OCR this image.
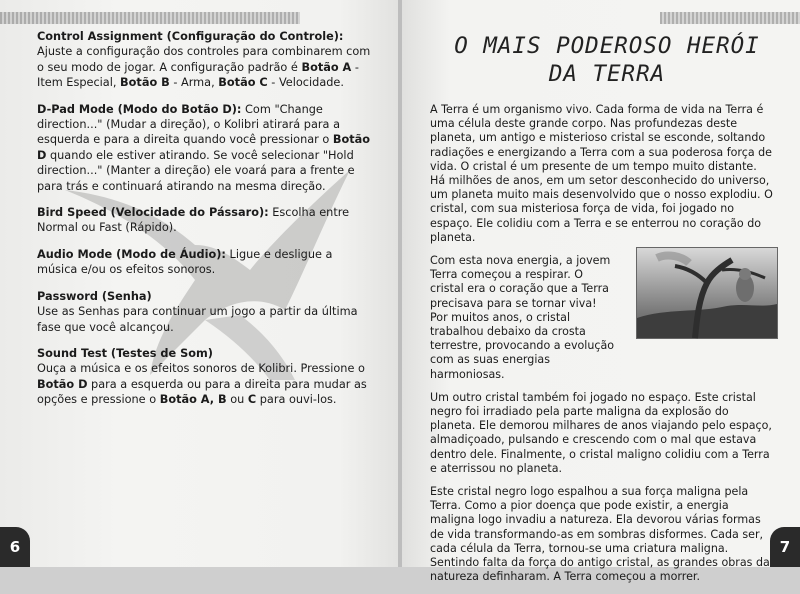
Control Assignment (Configuração do Controle): Ajuste a configuração dos controles para combinarem com o seu modo de jogar. A configuração padrão é Botão A - Item Especial, Botão B - Arma, Botão C - Velocidade.
D-Pad Mode (Modo do Botão D): Com "Change direction..." (Mudar a direção), o Kolibri atirará para a esquerda e para a direita quando você pressionar o Botão D quando ele estiver atirando. Se você selecionar "Hold direction..." (Manter a direção) ele voará para a frente e para trás e continuará atirando na mesma direção.
Bird Speed (Velocidade do Pássaro): Escolha entre Normal ou Fast (Rápido).
Audio Mode (Modo de Áudio): Ligue e desligue a música e/ou os efeitos sonoros.
Password (Senha)
Use as Senhas para continuar um jogo a partir da última fase que você alcançou.
Sound Test (Testes de Som)
Ouça a música e os efeitos sonoros de Kolibri. Pressione o Botão D para a esquerda ou para a direita para mudar as opções e pressione o Botão A, B ou C para ouvi-los.
6
O MAIS PODEROSO HERÓI
DA TERRA

A Terra é um organismo vivo. Cada forma de vida na Terra é uma célula deste grande corpo. Nas profundezas deste planeta, um antigo e misterioso cristal se esconde, soltando radiações e energizando a Terra com a sua poderosa força de vida. O cristal é um presente de um tempo muito distante. Há milhões de anos, em um setor desconhecido do universo, um planeta muito mais desenvolvido que o nosso explodiu. O cristal, com sua misteriosa força de vida, foi jogado no espaço. Ele colidiu com a Terra e se enterrou no coração do planeta.

Com esta nova energia, a jovem Terra começou a respirar. O cristal era o coração que a Terra precisava para se tornar viva! Por muitos anos, o cristal trabalhou debaixo da crosta terrestre, provocando a evolução com as suas energias harmoniosas.

Um outro cristal também foi jogado no espaço. Este cristal negro foi irradiado pela parte maligna da explosão do planeta. Ele demorou milhares de anos viajando pelo espaço, almadiçoado, pulsando e crescendo com o mal que estava dentro dele. Finalmente, o cristal maligno colidiu com a Terra e aterrissou no planeta.

Este cristal negro logo espalhou a sua força maligna pela Terra. Como a pior doença que pode existir, a energia maligna logo invadiu a natureza. Ela devorou várias formas de vida transformando-as em sombras disformes. Cada ser, cada célula da Terra, tornou-se uma criatura maligna. Sentindo falta da força do antigo cristal, as grandes obras da natureza definharam. A Terra começou a morrer.

7
